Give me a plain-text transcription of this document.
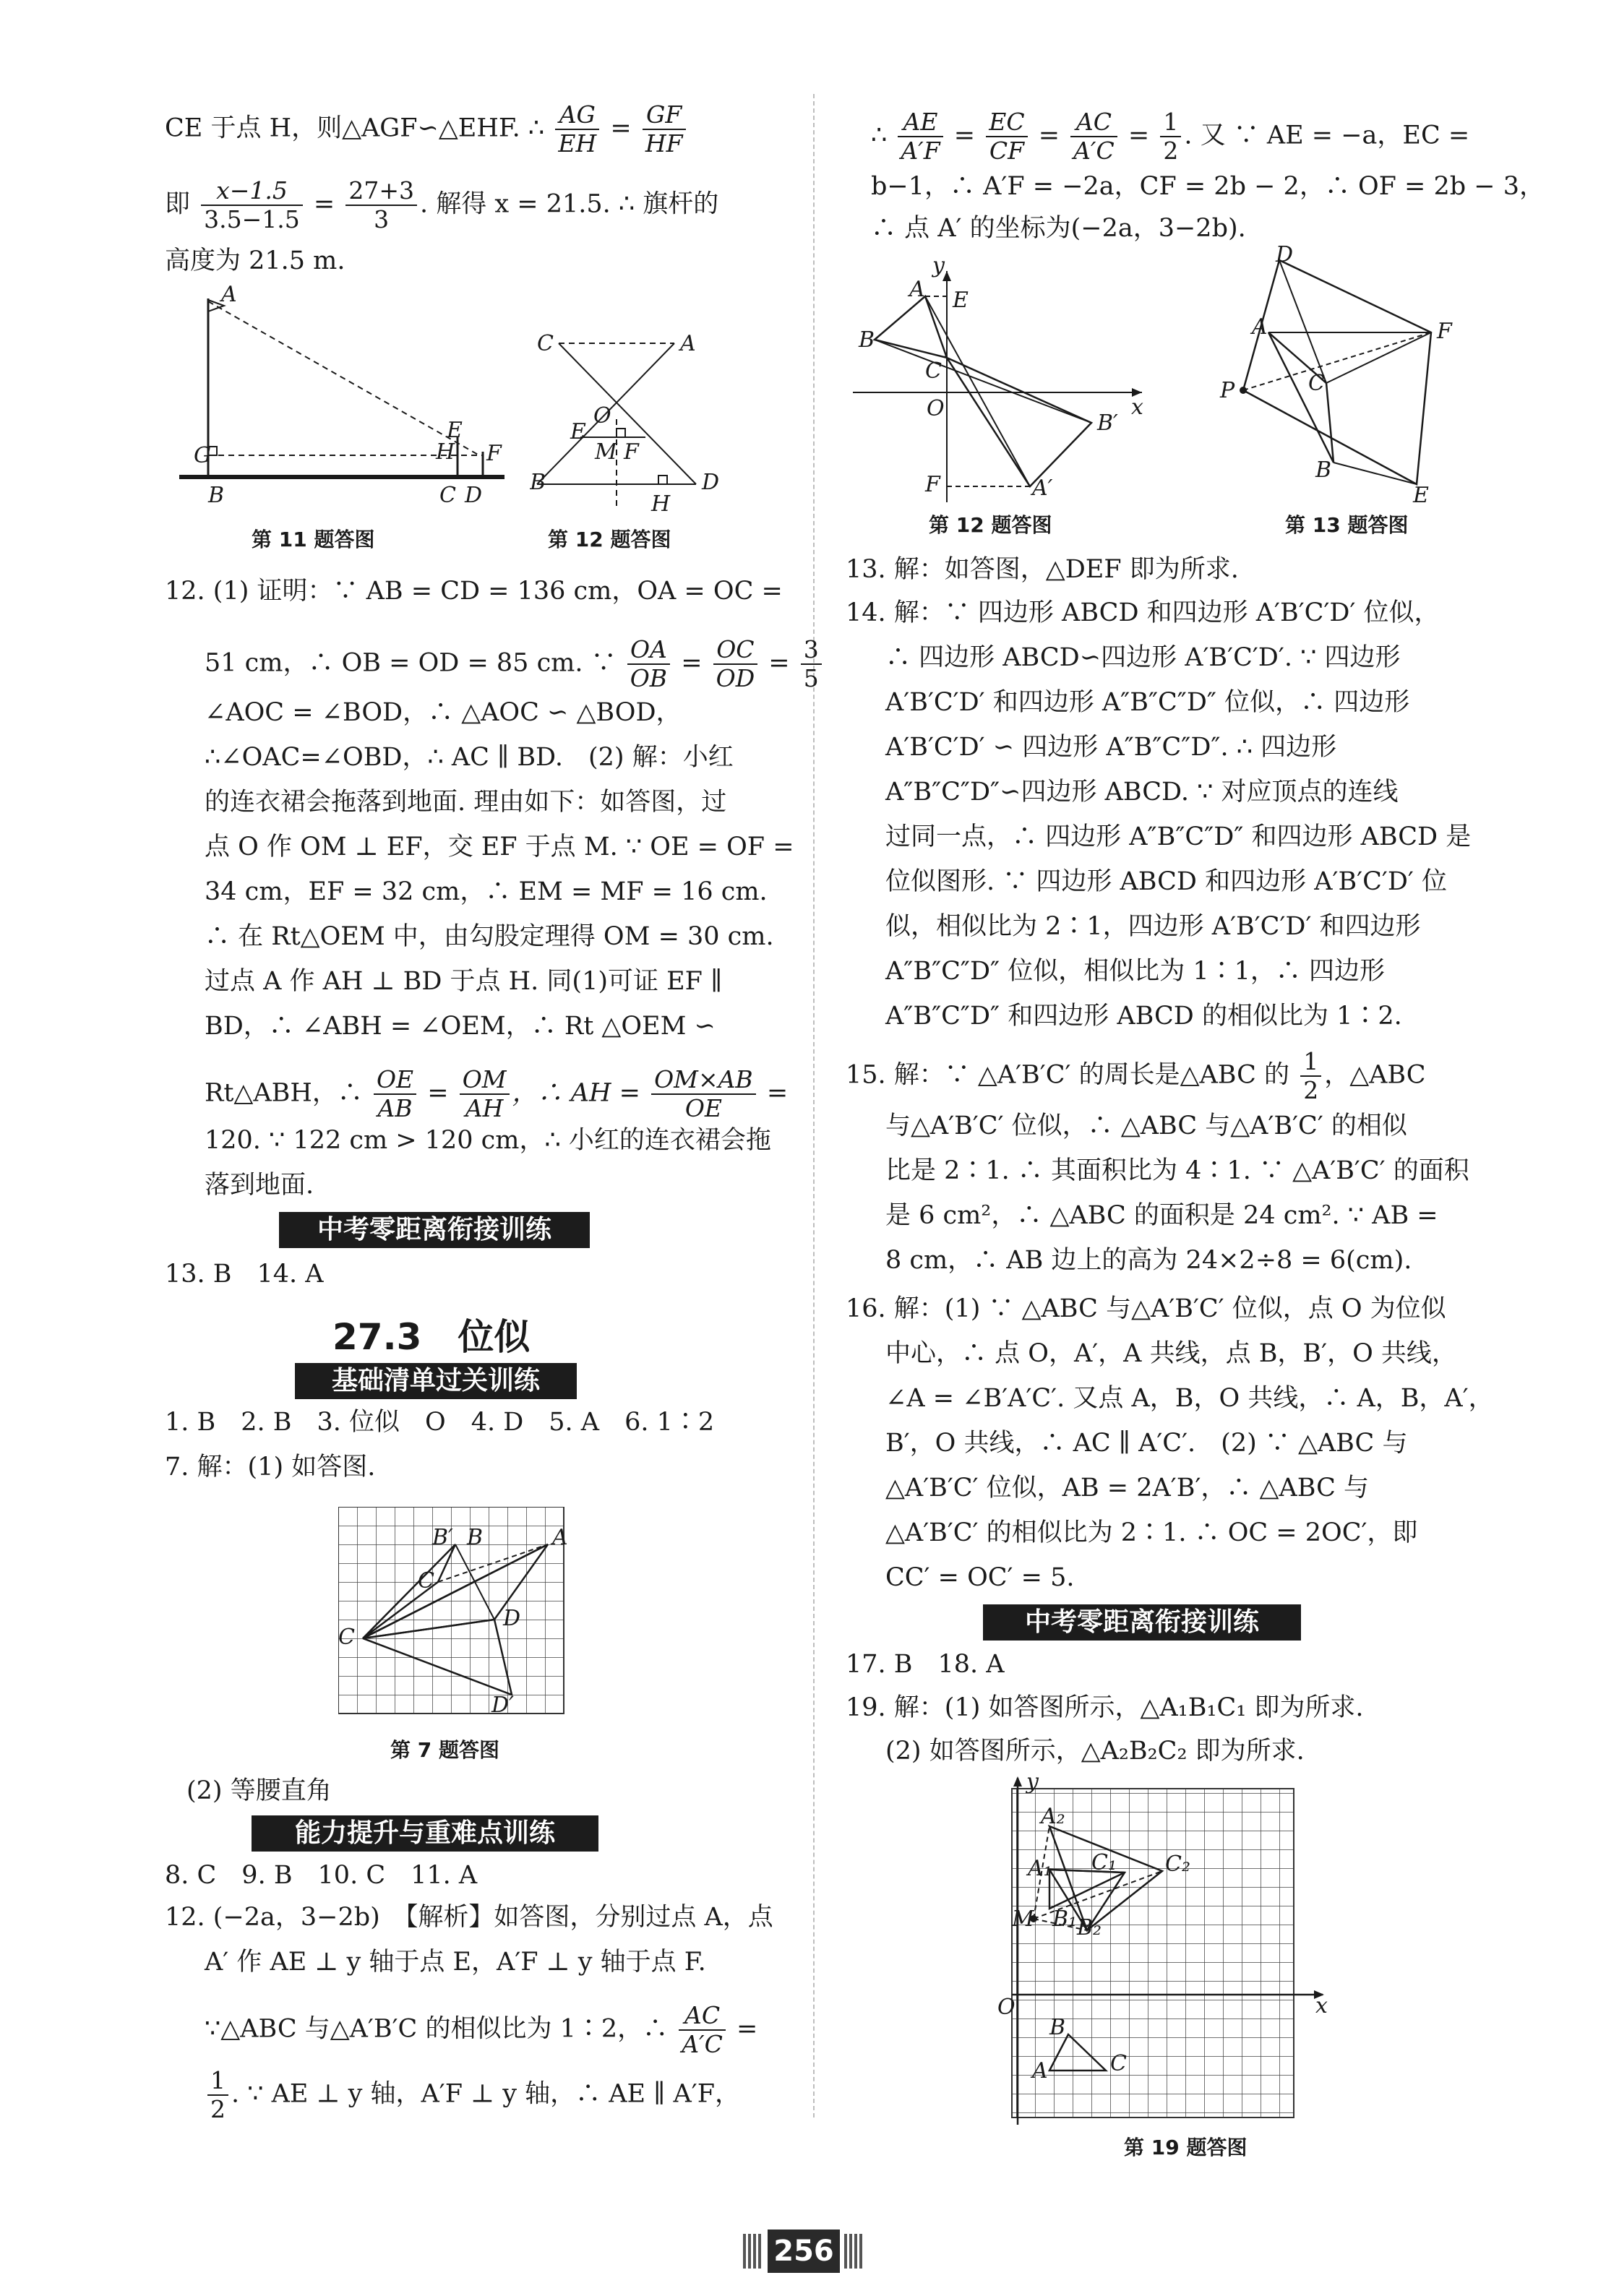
CE 于点 H，则△AGF∽△EHF. ∴ $\frac{AG}{EH} = \frac{GF}{HF}$
即 $\frac{x-1.5}{3.5-1.5} = \frac{27+3}{3}$ . 解得 x = 21.5. ∴ 旗杆的
高度为 21.5 m.
A
G
B
E
H F
C D
第 11 题答图
C	A
O
E
M F
B	D
H
第 12 题答图
12. (1) 证明：∵ AB = CD = 136 cm，OA = OC =
51 cm，∴ OB = OD = 85 cm. ∵ $\frac{OA}{OB} = \frac{OC}{OD} = \frac{3}{5}$
∠AOC = ∠BOD，∴ △AOC ∽ △BOD，
∴∠OAC=∠OBD，∴ AC ∥ BD.　(2) 解：小红
的连衣裙会拖落到地面. 理由如下：如答图，过
点 O 作 OM ⊥ EF，交 EF 于点 M. ∵ OE = OF =
34 cm，EF = 32 cm，∴ EM = MF = 16 cm.
∴ 在 Rt△OEM 中，由勾股定理得 OM = 30 cm.
过点 A 作 AH ⊥ BD 于点 H. 同(1)可证 EF ∥
BD，∴ ∠ABH = ∠OEM，∴ Rt △OEM ∽
Rt△ABH，∴ $\frac{OE}{AB} = \frac{OM}{AH}$ ，∴ AH = $\frac{OM\times AB}{OE}$ =
120. ∵ 122 cm > 120 cm，∴ 小红的连衣裙会拖
落到地面.
中考零距离衔接训练
13. B　14. A
27.3　位似
基础清单过关训练
1. B　2. B　3. 位似　O　4. D　5. A　6. 1∶2
7. 解：(1) 如答图.
B′ B	A
C
D
C
D′
第 7 题答图
(2) 等腰直角
能力提升与重难点训练
8. C　9. B　10. C　11. A
12. (−2a，3−2b)　【解析】如答图，分别过点 A，点
A′ 作 AE ⊥ y 轴于点 E，A′F ⊥ y 轴于点 F.
∵△ABC 与△A′B′C 的相似比为 1∶2，∴ $\frac{AC}{A'C}$ =
$\frac{1}{2}$ . ∵ AE ⊥ y 轴，A′F ⊥ y 轴，∴ AE ∥ A′F，
∴ $\frac{AE}{A'F} = \frac{EC}{CF} = \frac{AC}{A'C} = \frac{1}{2}$ . 又 ∵ AE = −a，EC =
b−1，∴ A′F = −2a，CF = 2b − 2，∴ OF = 2b − 3，
∴ 点 A′ 的坐标为(−2a，3−2b).
A E
y
B
C
O	x
B′
F	A′
第 12 题答图
D
A	F
C
P
B
E
第 13 题答图
13. 解：如答图，△DEF 即为所求.
14. 解：∵ 四边形 ABCD 和四边形 A′B′C′D′ 位似，
∴ 四边形 ABCD∽四边形 A′B′C′D′. ∵ 四边形
A′B′C′D′ 和四边形 A″B″C″D″ 位似，∴ 四边形
A′B′C′D′ ∽ 四边形 A″B″C″D″. ∴ 四边形
A″B″C″D″∽四边形 ABCD. ∵ 对应顶点的连线
过同一点，∴ 四边形 A″B″C″D″ 和四边形 ABCD 是
位似图形. ∵ 四边形 ABCD 和四边形 A′B′C′D′ 位
似，相似比为 2∶1，四边形 A′B′C′D′ 和四边形
A″B″C″D″ 位似，相似比为 1∶1，∴ 四边形
A″B″C″D″ 和四边形 ABCD 的相似比为 1∶2.
15. 解：∵ △A′B′C′ 的周长是△ABC 的 $\frac{1}{2}$ ，△ABC
与△A′B′C′ 位似，∴ △ABC 与△A′B′C′ 的相似
比是 2∶1. ∴ 其面积比为 4∶1. ∵ △A′B′C′ 的面积
是 6 cm²，∴ △ABC 的面积是 24 cm². ∵ AB =
8 cm，∴ AB 边上的高为 24×2÷8 = 6(cm).
16. 解：(1) ∵ △ABC 与△A′B′C′ 位似，点 O 为位似
中心，∴ 点 O，A′，A 共线，点 B，B′，O 共线，
∠A = ∠B′A′C′. 又点 A，B，O 共线，∴ A，B，A′，
B′，O 共线，∴ AC ∥ A′C′.　(2) ∵ △ABC 与
△A′B′C′ 位似，AB = 2A′B′，∴ △ABC 与
△A′B′C′ 的相似比为 2∶1. ∴ OC = 2OC′，即
CC′ = OC′ = 5.
中考零距离衔接训练
17. B　18. A
19. 解：(1) 如答图所示，△A₁B₁C₁ 即为所求.
(2) 如答图所示，△A₂B₂C₂ 即为所求.
y
x
O
A₂
A₁ C₁ C₂
M B₁ B₂
B
C
A
第 19 题答图
256
